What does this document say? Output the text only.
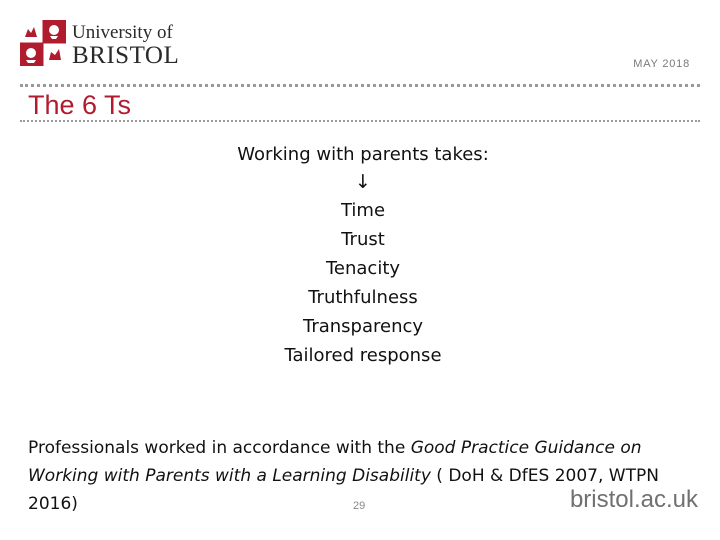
University of
BRISTOL	MAY 2018
The 6 Ts
Working with parents takes:
↓
Time
Trust
Tenacity
Truthfulness
Transparency
Tailored response
Professionals worked in accordance with the Good Practice Guidance on Working with Parents with a Learning Disability ( DoH & DfES 2007, WTPN 2016)	29	bristol.ac.uk
